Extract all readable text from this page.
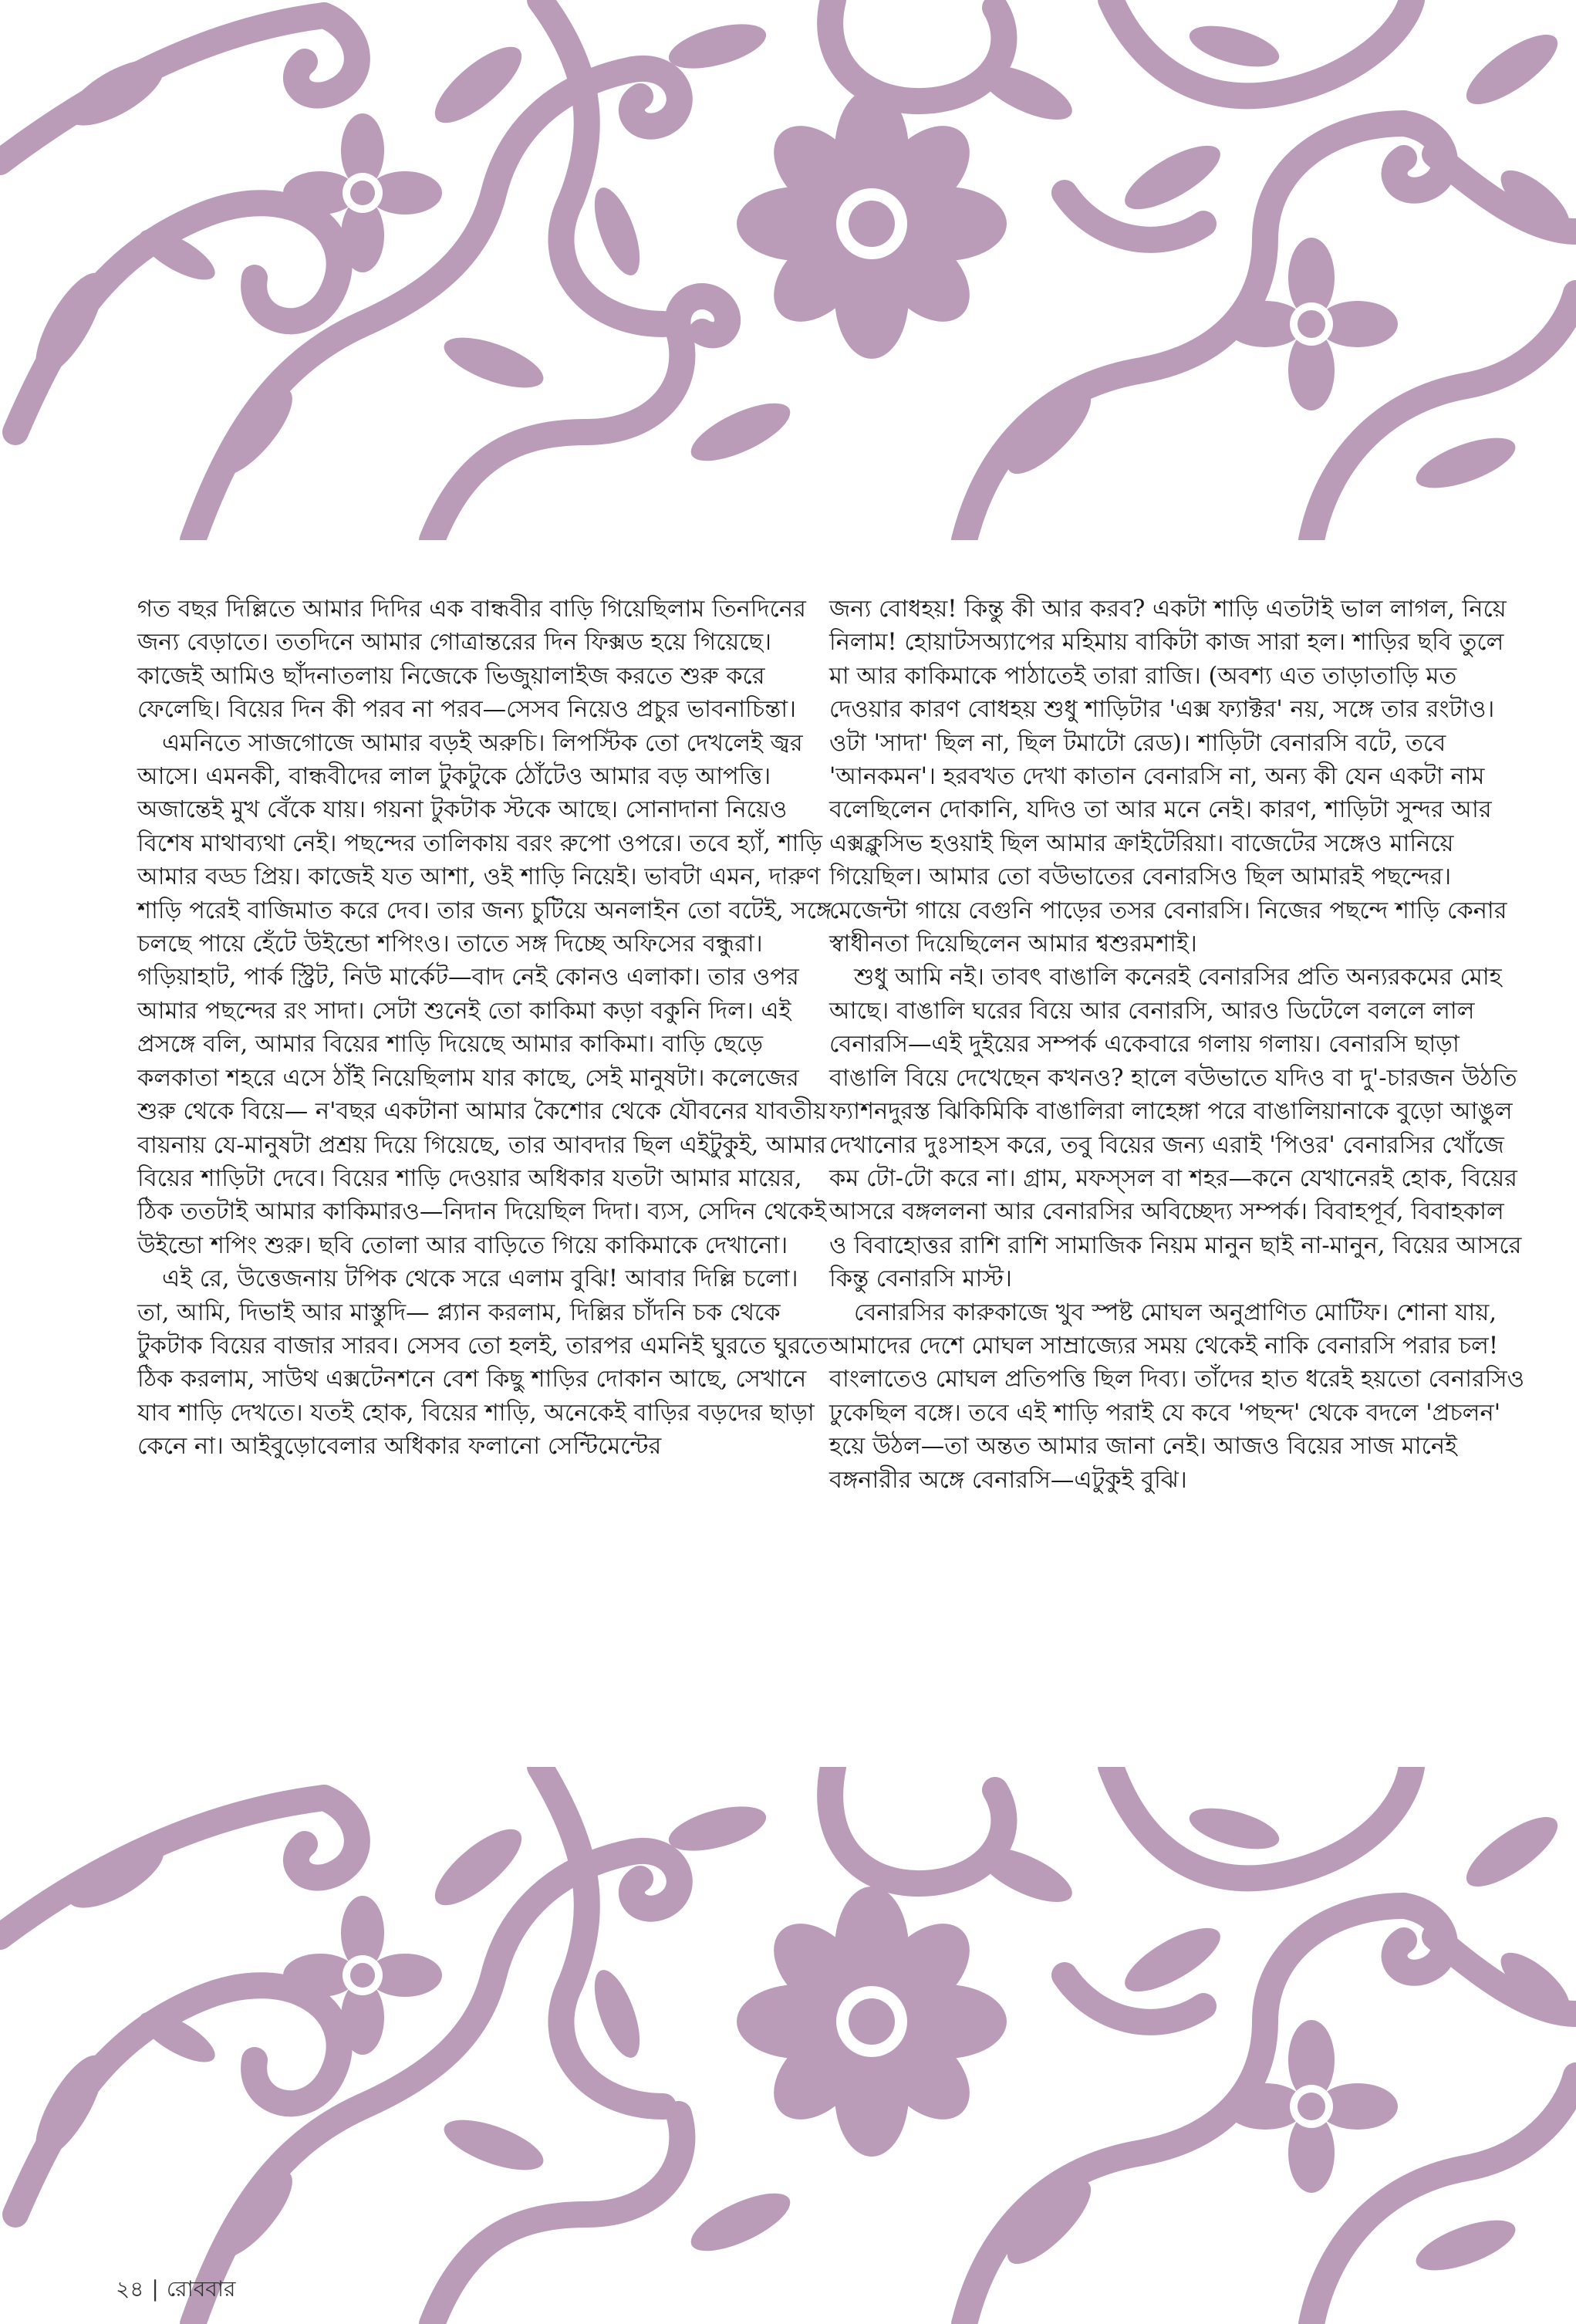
গত বছর দিল্লিতে আমার দিদির এক বান্ধবীর বাড়ি গিয়েছিলাম তিনদিনের জন্য বেড়াতে। ততদিনে আমার গোত্রান্তরের দিন ফিক্সড হয়ে গিয়েছে। কাজেই আমিও ছাঁদনাতলায় নিজেকে ভিজুয়ালাইজ করতে শুরু করে ফেলেছি। বিয়ের দিন কী পরব না পরব—সেসব নিয়েও প্রচুর ভাবনাচিন্তা।

এমনিতে সাজগোজে আমার বড়ই অরুচি। লিপস্টিক তো দেখলেই জ্বর আসে। এমনকী, বান্ধবীদের লাল টুকটুকে ঠোঁটেও আমার বড় আপত্তি। অজান্তেই মুখ বেঁকে যায়। গয়না টুকটাক স্টকে আছে। সোনাদানা নিয়েও বিশেষ মাথাব্যথা নেই। পছন্দের তালিকায় বরং রুপো ওপরে। তবে হ্যাঁ, শাড়ি আমার বড্ড প্রিয়। কাজেই যত আশা, ওই শাড়ি নিয়েই। ভাবটা এমন, দারুণ শাড়ি পরেই বাজিমাত করে দেব। তার জন্য চুটিয়ে অনলাইন তো বটেই, সঙ্গে চলছে পায়ে হেঁটে উইন্ডো শপিংও। তাতে সঙ্গ দিচ্ছে অফিসের বন্ধুরা। গড়িয়াহাট, পার্ক স্ট্রিট, নিউ মার্কেট—বাদ নেই কোনও এলাকা। তার ওপর আমার পছন্দের রং সাদা। সেটা শুনেই তো কাকিমা কড়া বকুনি দিল। এই প্রসঙ্গে বলি, আমার বিয়ের শাড়ি দিয়েছে আমার কাকিমা। বাড়ি ছেড়ে কলকাতা শহরে এসে ঠাঁই নিয়েছিলাম যার কাছে, সেই মানুষটা। কলেজের শুরু থেকে বিয়ে— ন'বছর একটানা আমার কৈশোর থেকে যৌবনের যাবতীয় বায়নায় যে-মানুষটা প্রশ্রয় দিয়ে গিয়েছে, তার আবদার ছিল এইটুকুই, আমার বিয়ের শাড়িটা দেবে। বিয়ের শাড়ি দেওয়ার অধিকার যতটা আমার মায়ের, ঠিক ততটাই আমার কাকিমারও—নিদান দিয়েছিল দিদা। ব্যস, সেদিন থেকেই উইন্ডো শপিং শুরু। ছবি তোলা আর বাড়িতে গিয়ে কাকিমাকে দেখানো।

এই রে, উত্তেজনায় টপিক থেকে সরে এলাম বুঝি! আবার দিল্লি চলো। তা, আমি, দিভাই আর মাস্তুদি— প্ল্যান করলাম, দিল্লির চাঁদনি চক থেকে টুকটাক বিয়ের বাজার সারব। সেসব তো হলই, তারপর এমনিই ঘুরতে ঘুরতে ঠিক করলাম, সাউথ এক্সটেনশনে বেশ কিছু শাড়ির দোকান আছে, সেখানে যাব শাড়ি দেখতে। যতই হোক, বিয়ের শাড়ি, অনেকেই বাড়ির বড়দের ছাড়া কেনে না। আইবুড়োবেলার অধিকার ফলানো সেন্টিমেন্টের

জন্য বোধহয়! কিন্তু কী আর করব? একটা শাড়ি এতটাই ভাল লাগল, নিয়ে নিলাম! হোয়াটসঅ্যাপের মহিমায় বাকিটা কাজ সারা হল। শাড়ির ছবি তুলে মা আর কাকিমাকে পাঠাতেই তারা রাজি। (অবশ্য এত তাড়াতাড়ি মত দেওয়ার কারণ বোধহয় শুধু শাড়িটার 'এক্স ফ্যাক্টর' নয়, সঙ্গে তার রংটাও। ওটা 'সাদা' ছিল না, ছিল টমাটো রেড)। শাড়িটা বেনারসি বটে, তবে 'আনকমন'। হরবখত দেখা কাতান বেনারসি না, অন্য কী যেন একটা নাম বলেছিলেন দোকানি, যদিও তা আর মনে নেই। কারণ, শাড়িটা সুন্দর আর এক্সক্লুসিভ হওয়াই ছিল আমার ক্রাইটেরিয়া। বাজেটের সঙ্গেও মানিয়ে গিয়েছিল। আমার তো বউভাতের বেনারসিও ছিল আমারই পছন্দের। মেজেন্টা গায়ে বেগুনি পাড়ের তসর বেনারসি। নিজের পছন্দে শাড়ি কেনার স্বাধীনতা দিয়েছিলেন আমার শ্বশুরমশাই।

শুধু আমি নই। তাবৎ বাঙালি কনেরই বেনারসির প্রতি অন্যরকমের মোহ আছে। বাঙালি ঘরের বিয়ে আর বেনারসি, আরও ডিটেলে বললে লাল বেনারসি—এই দুইয়ের সম্পর্ক একেবারে গলায় গলায়। বেনারসি ছাড়া বাঙালি বিয়ে দেখেছেন কখনও? হালে বউভাতে যদিও বা দু'-চারজন উঠতি ফ্যাশনদুরস্ত ঝিকিমিকি বাঙালিরা লাহেঙ্গা পরে বাঙালিয়ানাকে বুড়ো আঙুল দেখানোর দুঃসাহস করে, তবু বিয়ের জন্য এরাই 'পিওর' বেনারসির খোঁজে কম টো-টো করে না। গ্রাম, মফস্সল বা শহর—কনে যেখানেরই হোক, বিয়ের আসরে বঙ্গললনা আর বেনারসির অবিচ্ছেদ্য সম্পর্ক। বিবাহপূর্ব, বিবাহকাল ও বিবাহোত্তর রাশি রাশি সামাজিক নিয়ম মানুন ছাই না-মানুন, বিয়ের আসরে কিন্তু বেনারসি মাস্ট।

বেনারসির কারুকাজে খুব স্পষ্ট মোঘল অনুপ্রাণিত মোটিফ। শোনা যায়, আমাদের দেশে মোঘল সাম্রাজ্যের সময় থেকেই নাকি বেনারসি পরার চল! বাংলাতেও মোঘল প্রতিপত্তি ছিল দিব্য। তাঁদের হাত ধরেই হয়তো বেনারসিও ঢুকেছিল বঙ্গে। তবে এই শাড়ি পরাই যে কবে 'পছন্দ' থেকে বদলে 'প্রচলন' হয়ে উঠল—তা অন্তত আমার জানা নেই। আজও বিয়ের সাজ মানেই বঙ্গনারীর অঙ্গে বেনারসি—এটুকুই বুঝি।

২৪ | রোববার
